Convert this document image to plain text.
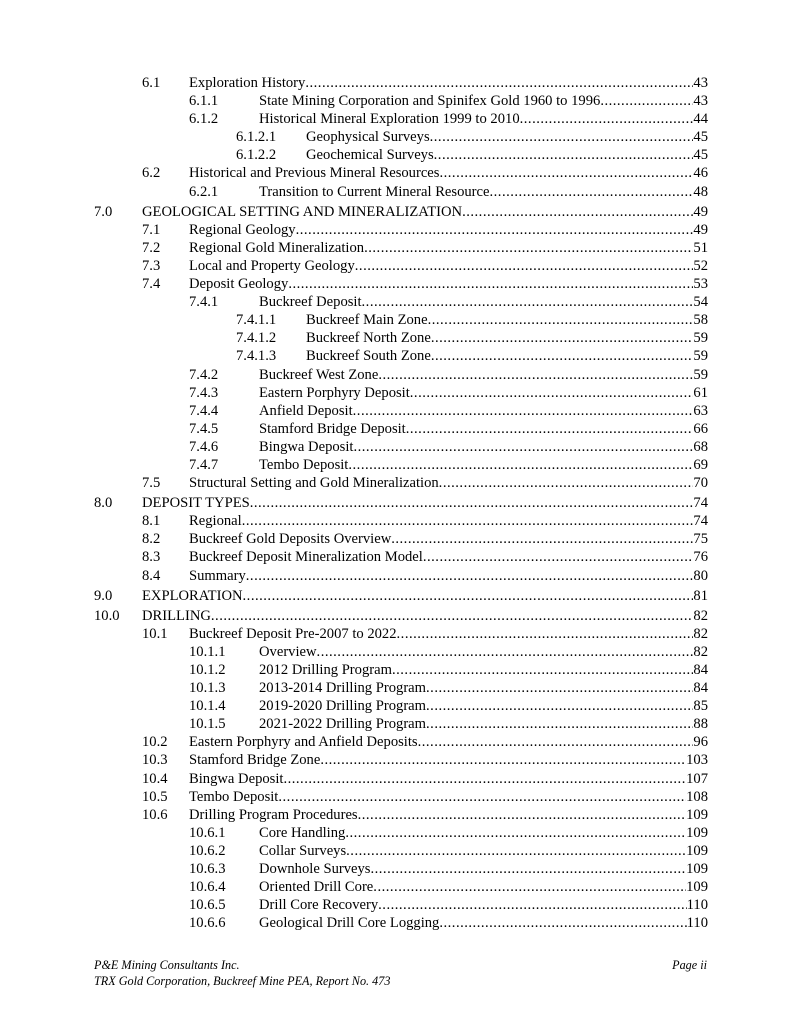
6.1 Exploration History .....	43
6.1.1	State Mining Corporation and Spinifex Gold 1960 to 1996 .....	43
6.1.2	Historical Mineral Exploration 1999 to 2010 .....	44
6.1.2.1 Geophysical Surveys .....	45
6.1.2.2 Geochemical Surveys .....	45
6.2 Historical and Previous Mineral Resources .....	46
6.2.1	Transition to Current Mineral Resource .....	48
7.0 GEOLOGICAL SETTING AND MINERALIZATION .....	49
7.1 Regional Geology .....	49
7.2 Regional Gold Mineralization .....	51
7.3 Local and Property Geology .....	52
7.4 Deposit Geology .....	53
7.4.1	Buckreef Deposit .....	54
7.4.1.1 Buckreef Main Zone .....	58
7.4.1.2 Buckreef North Zone .....	59
7.4.1.3 Buckreef South Zone .....	59
7.4.2	Buckreef West Zone .....	59
7.4.3	Eastern Porphyry Deposit .....	61
7.4.4	Anfield Deposit .....	63
7.4.5	Stamford Bridge Deposit .....	66
7.4.6	Bingwa Deposit .....	68
7.4.7	Tembo Deposit .....	69
7.5 Structural Setting and Gold Mineralization .....	70
8.0 DEPOSIT TYPES .....	74
8.1 Regional .....	74
8.2 Buckreef Gold Deposits Overview .....	75
8.3 Buckreef Deposit Mineralization Model .....	76
8.4 Summary .....	80
9.0 EXPLORATION .....	81
10.0 DRILLING .....	82
10.1 Buckreef Deposit Pre-2007 to 2022 .....	82
10.1.1 Overview .....	82
10.1.2 2012 Drilling Program .....	84
10.1.3 2013-2014 Drilling Program .....	84
10.1.4 2019-2020 Drilling Program .....	85
10.1.5 2021-2022 Drilling Program .....	88
10.2 Eastern Porphyry and Anfield Deposits .....	96
10.3 Stamford Bridge Zone .....	103
10.4 Bingwa Deposit .....	107
10.5 Tembo Deposit .....	108
10.6 Drilling Program Procedures .....	109
10.6.1 Core Handling .....	109
10.6.2 Collar Surveys .....	109
10.6.3 Downhole Surveys .....	109
10.6.4 Oriented Drill Core .....	109
10.6.5 Drill Core Recovery .....	110
10.6.6 Geological Drill Core Logging .....	110
P&E Mining Consultants Inc.	Page ii
TRX Gold Corporation, Buckreef Mine PEA, Report No. 473
